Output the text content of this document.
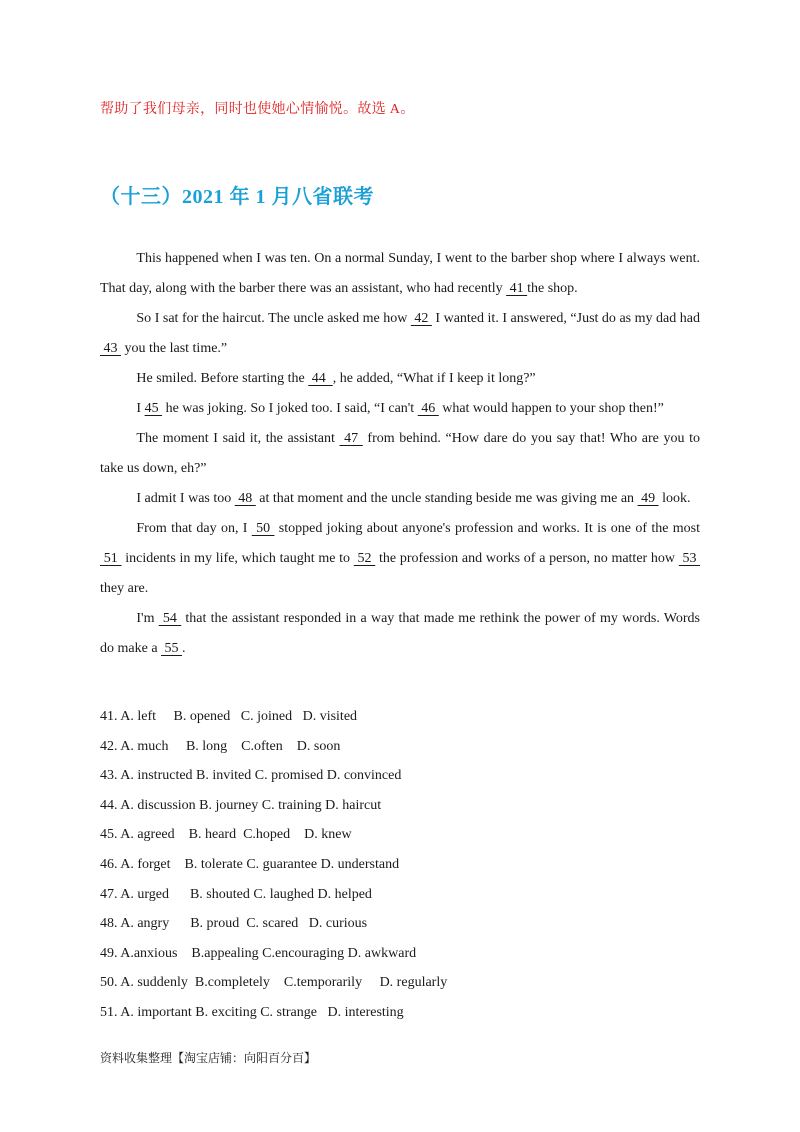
帮助了我们母亲，同时也使她心情愉悦。故选 A。
（十三）2021 年 1 月八省联考

This happened when I was ten. On a normal Sunday, I went to the barber shop where I always went. That day, along with the barber there was an assistant, who had recently  41 the shop.

So I sat for the haircut. The uncle asked me how  42  I wanted it. I answered, “Just do as my dad had  43  you the last time.”

He smiled. Before starting the  44  , he added, “What if I keep it long?”

I 45  he was joking. So I joked too. I said, “I can't  46  what would happen to your shop then!”

The moment I said it, the assistant  47  from behind. “How dare do you say that! Who are you to take us down, eh?”

I admit I was too  48  at that moment and the uncle standing beside me was giving me an  49  look.

From that day on, I  50  stopped joking about anyone's profession and works. It is one of the most  51  incidents in my life, which taught me to  52  the profession and works of a person, no matter how  53  they are.

I'm  54  that the assistant responded in a way that made me rethink the power of my words. Words do make a  55 .

41. A. left     B. opened   C. joined   D. visited
42. A. much     B. long    C.often    D. soon
43. A. instructed B. invited C. promised D. convinced
44. A. discussion B. journey C. training D. haircut
45. A. agreed    B. heard  C.hoped    D. knew
46. A. forget    B. tolerate C. guarantee D. understand
47. A. urged      B. shouted C. laughed D. helped
48. A. angry      B. proud  C. scared   D. curious
49. A.anxious    B.appealing C.encouraging D. awkward
50. A. suddenly  B.completely    C.temporarily     D. regularly
51. A. important B. exciting C. strange   D. interesting
资料收集整理【淘宝店铺：向阳百分百】
